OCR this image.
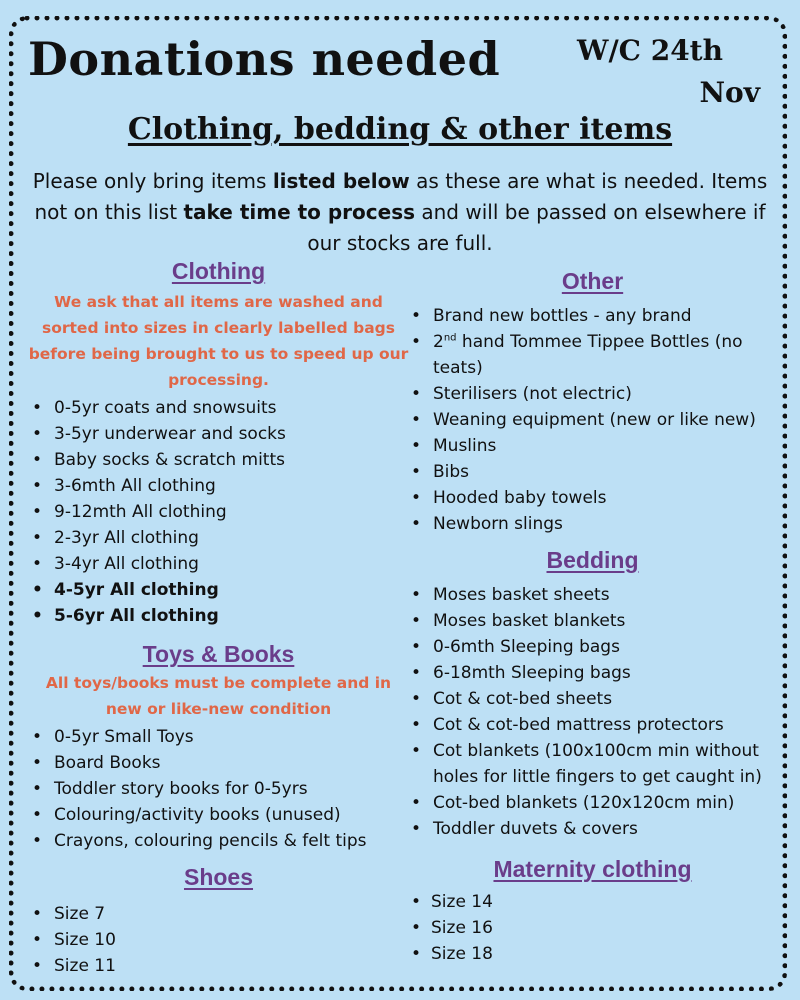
Donations needed	W/C 24th
Nov
Clothing, bedding & other items

Please only bring items listed below as these are what is needed. Items not on this list take time to process and will be passed on elsewhere if our stocks are full.

Clothing

We ask that all items are washed and sorted into sizes in clearly labelled bags before being brought to us to speed up our processing.

• 0-5yr coats and snowsuits
• 3-5yr underwear and socks
• Baby socks & scratch mitts
• 3-6mth All clothing
• 9-12mth All clothing
• 2-3yr All clothing
• 3-4yr All clothing
• 4-5yr All clothing
• 5-6yr All clothing
Toys & Books

All toys/books must be complete and in new or like-new condition

• 0-5yr Small Toys
• Board Books
• Toddler story books for 0-5yrs
• Colouring/activity books (unused)
• Crayons, colouring pencils & felt tips
Shoes
• Size 7
• Size 10
• Size 11
Other
• Brand new bottles - any brand
• 2nd hand Tommee Tippee Bottles (no teats)
• Sterilisers (not electric)
• Weaning equipment (new or like new)
• Muslins
• Bibs
• Hooded baby towels
• Newborn slings
Bedding
• Moses basket sheets
• Moses basket blankets
• 0-6mth Sleeping bags
• 6-18mth Sleeping bags
• Cot & cot-bed sheets
• Cot & cot-bed mattress protectors
• Cot blankets (100x100cm min without holes for little fingers to get caught in)
• Cot-bed blankets (120x120cm min)
• Toddler duvets & covers
Maternity clothing
• Size 14
• Size 16
• Size 18
